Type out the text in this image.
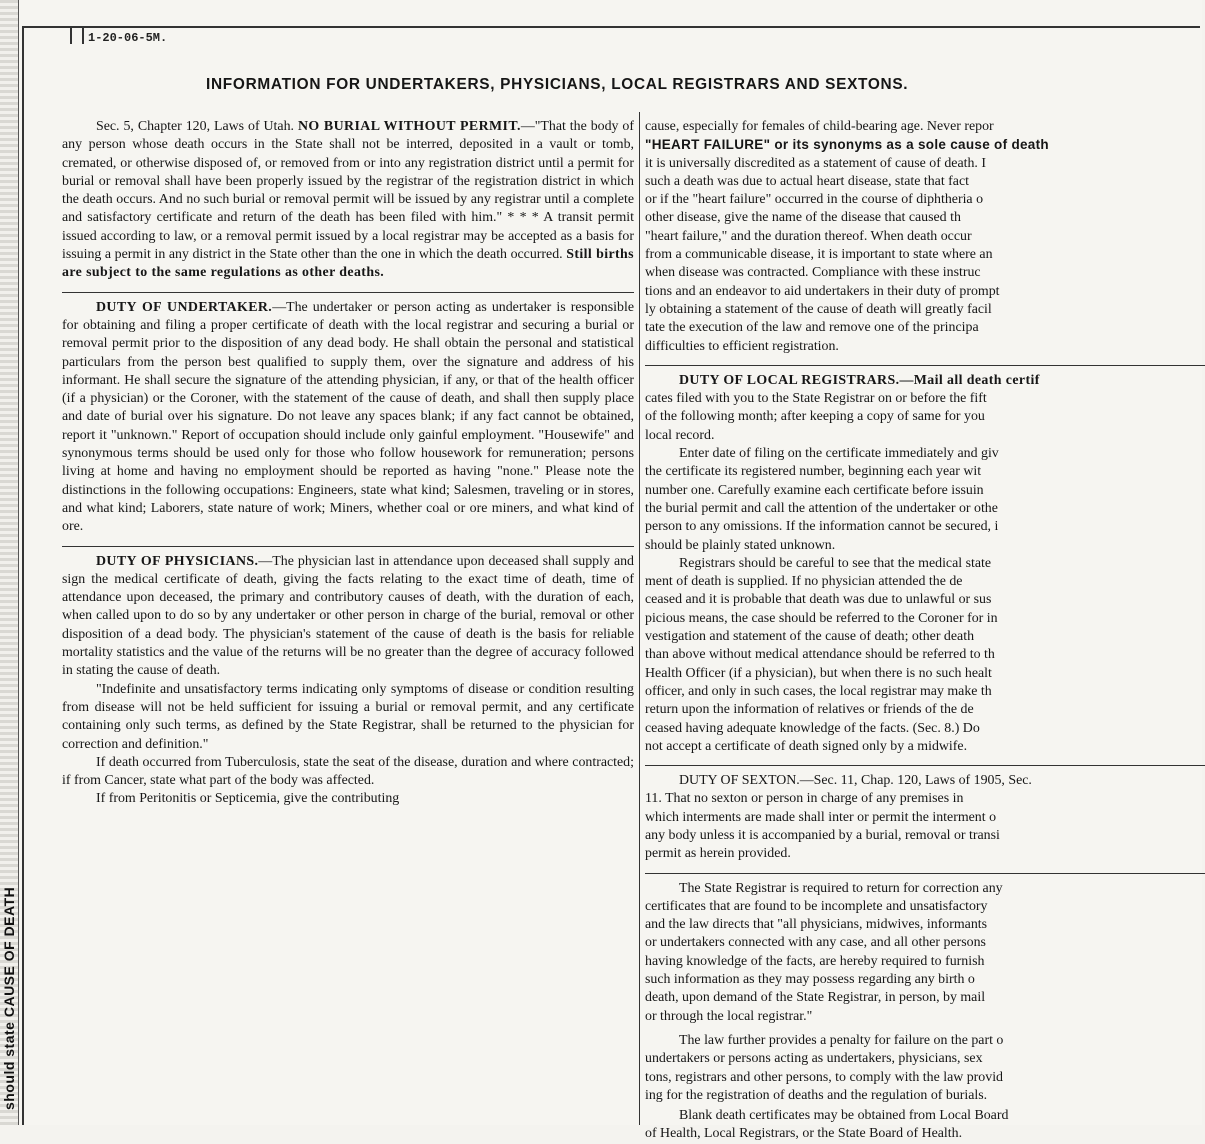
should state CAUSE OF DEATH
1-20-06-5M.
INFORMATION FOR UNDERTAKERS, PHYSICIANS, LOCAL REGISTRARS AND SEXTONS.

Sec. 5, Chapter 120, Laws of Utah. NO BURIAL WITHOUT PERMIT.—"That the body of any person whose death occurs in the State shall not be interred, deposited in a vault or tomb, cremated, or otherwise disposed of, or removed from or into any registration district until a permit for burial or removal shall have been properly issued by the registrar of the registration district in which the death occurs. And no such burial or removal permit will be issued by any registrar until a complete and satisfactory certificate and return of the death has been filed with him." * * * A transit permit issued according to law, or a removal permit issued by a local registrar may be accepted as a basis for issuing a permit in any district in the State other than the one in which the death occurred. Still births are subject to the same regulations as other deaths.

DUTY OF UNDERTAKER.—The undertaker or person acting as undertaker is responsible for obtaining and filing a proper certificate of death with the local registrar and securing a burial or removal permit prior to the disposition of any dead body. He shall obtain the personal and statistical particulars from the person best qualified to supply them, over the signature and address of his informant. He shall secure the signature of the attending physician, if any, or that of the health officer (if a physician) or the Coroner, with the statement of the cause of death, and shall then supply place and date of burial over his signature. Do not leave any spaces blank; if any fact cannot be obtained, report it "unknown." Report of occupation should include only gainful employment. "Housewife" and synonymous terms should be used only for those who follow housework for remuneration; persons living at home and having no employment should be reported as having "none." Please note the distinctions in the following occupations: Engineers, state what kind; Salesmen, traveling or in stores, and what kind; Laborers, state nature of work; Miners, whether coal or ore miners, and what kind of ore.

DUTY OF PHYSICIANS.—The physician last in attendance upon deceased shall supply and sign the medical certificate of death, giving the facts relating to the exact time of death, time of attendance upon deceased, the primary and contributory causes of death, with the duration of each, when called upon to do so by any undertaker or other person in charge of the burial, removal or other disposition of a dead body. The physician's statement of the cause of death is the basis for reliable mortality statistics and the value of the returns will be no greater than the degree of accuracy followed in stating the cause of death.

"Indefinite and unsatisfactory terms indicating only symptoms of disease or condition resulting from disease will not be held sufficient for issuing a burial or removal permit, and any certificate containing only such terms, as defined by the State Registrar, shall be returned to the physician for correction and definition."

If death occurred from Tuberculosis, state the seat of the disease, duration and where contracted; if from Cancer, state what part of the body was affected.

If from Peritonitis or Septicemia, give the contributing

cause, especially for females of child-bearing age. Never repor

"HEART FAILURE" or its synonyms as a sole cause of death

it is universally discredited as a statement of cause of death. I

such a death was due to actual heart disease, state that fact

or if the "heart failure" occurred in the course of diphtheria o

other disease, give the name of the disease that caused th

"heart failure," and the duration thereof. When death occur

from a communicable disease, it is important to state where an

when disease was contracted. Compliance with these instruc

tions and an endeavor to aid undertakers in their duty of prompt

ly obtaining a statement of the cause of death will greatly facil

tate the execution of the law and remove one of the principa

difficulties to efficient registration.

DUTY OF LOCAL REGISTRARS.—Mail all death certif

cates filed with you to the State Registrar on or before the fift

of the following month; after keeping a copy of same for you

local record.

Enter date of filing on the certificate immediately and giv

the certificate its registered number, beginning each year wit

number one. Carefully examine each certificate before issuin

the burial permit and call the attention of the undertaker or othe

person to any omissions. If the information cannot be secured, i

should be plainly stated unknown.

Registrars should be careful to see that the medical state

ment of death is supplied. If no physician attended the de

ceased and it is probable that death was due to unlawful or sus

picious means, the case should be referred to the Coroner for in

vestigation and statement of the cause of death; other death

than above without medical attendance should be referred to th

Health Officer (if a physician), but when there is no such healt

officer, and only in such cases, the local registrar may make th

return upon the information of relatives or friends of the de

ceased having adequate knowledge of the facts. (Sec. 8.) Do

not accept a certificate of death signed only by a midwife.

DUTY OF SEXTON.—Sec. 11, Chap. 120, Laws of 1905, Sec.

11. That no sexton or person in charge of any premises in

which interments are made shall inter or permit the interment o

any body unless it is accompanied by a burial, removal or transi

permit as herein provided.

The State Registrar is required to return for correction any

certificates that are found to be incomplete and unsatisfactory

and the law directs that "all physicians, midwives, informants

or undertakers connected with any case, and all other persons

having knowledge of the facts, are hereby required to furnish

such information as they may possess regarding any birth o

death, upon demand of the State Registrar, in person, by mail

or through the local registrar."

The law further provides a penalty for failure on the part o

undertakers or persons acting as undertakers, physicians, sex

tons, registrars and other persons, to comply with the law provid

ing for the registration of deaths and the regulation of burials.

Blank death certificates may be obtained from Local Board

of Health, Local Registrars, or the State Board of Health.
